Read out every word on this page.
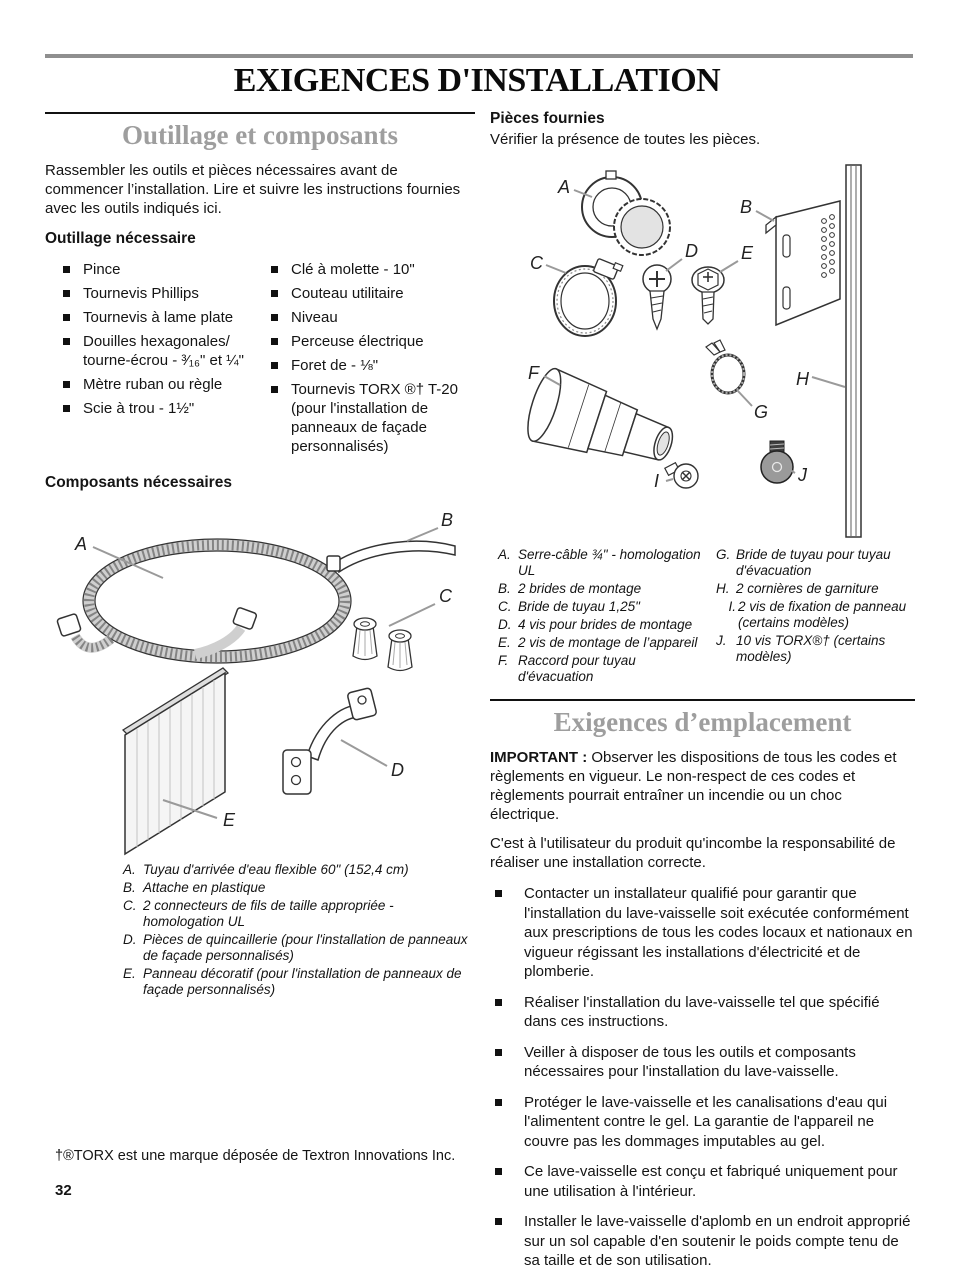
EXIGENCES D'INSTALLATION
Outillage et composants

Rassembler les outils et pièces nécessaires avant de commencer l’installation. Lire et suivre les instructions fournies avec les outils indiqués ici.

Outillage nécessaire
Pince
Tournevis Phillips
Tournevis à lame plate
Douilles hexagonales/ tourne-écrou - ³⁄₁₆" et ¼"
Mètre ruban ou règle
Scie à trou - 1½"
Clé à molette - 10"
Couteau utilitaire
Niveau
Perceuse électrique
Foret de - ⅛"
Tournevis TORX ®† T-20 (pour l'installation de panneaux de façade personnalisés)
Composants nécessaires
A
B
C
D
E
A. Tuyau d'arrivée d'eau flexible 60" (152,4 cm)
B. Attache en plastique
C. 2 connecteurs de fils de taille appropriée - homologation UL
D. Pièces de quincaillerie (pour l'installation de panneaux de façade personnalisés)
E. Panneau décoratif (pour l'installation de panneaux de façade personnalisés)
Pièces fournies

Vérifier la présence de toutes les pièces.

H
A
B
C
D E
F
G
I	J
A. Serre-câble ¾" - homologation UL
B. 2 brides de montage
C. Bride de tuyau 1,25"
D. 4 vis pour brides de montage
E. 2 vis de montage de l’appareil
F. Raccord pour tuyau d'évacuation
G. Bride de tuyau pour tuyau d'évacuation
H. 2 cornières de garniture
I. 2 vis de fixation de panneau (certains modèles)
J. 10 vis TORX®† (certains modèles)
Exigences d’emplacement

IMPORTANT : Observer les dispositions de tous les codes et règlements en vigueur. Le non-respect de ces codes et règlements pourrait entraîner un incendie ou un choc électrique.

C'est à l'utilisateur du produit qu'incombe la responsabilité de réaliser une installation correcte.

Contacter un installateur qualifié pour garantir que l'installation du lave-vaisselle soit exécutée conformément aux prescriptions de tous les codes locaux et nationaux en vigueur régissant les installations d'électricité et de plomberie.
Réaliser l'installation du lave-vaisselle tel que spécifié dans ces instructions.
Veiller à disposer de tous les outils et composants nécessaires pour l'installation du lave-vaisselle.
Protéger le lave-vaisselle et les canalisations d'eau qui l'alimentent contre le gel. La garantie de l'appareil ne couvre pas les dommages imputables au gel.
Ce lave-vaisselle est conçu et fabriqué uniquement pour une utilisation à l'intérieur.
Installer le lave-vaisselle d'aplomb en un endroit approprié sur un sol capable d'en soutenir le poids compte tenu de sa taille et de son utilisation.
†®TORX est une marque déposée de Textron Innovations Inc.
32
